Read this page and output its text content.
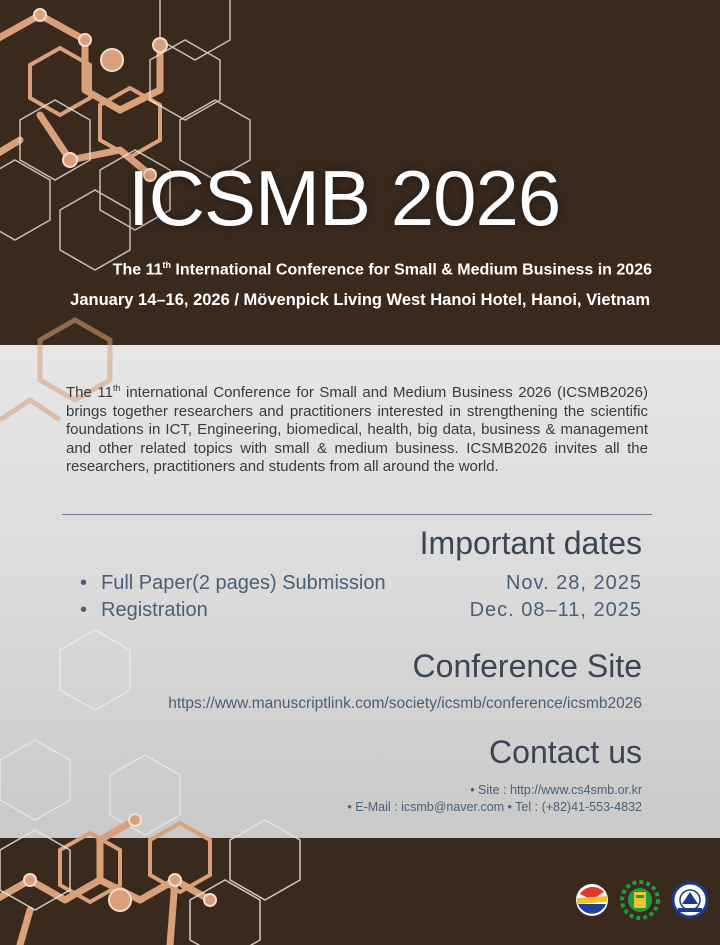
ICSMB 2026
The 11th International Conference for Small & Medium Business in 2026
January 14–16, 2026 / Mövenpick Living West Hanoi Hotel, Hanoi, Vietnam
The 11th international Conference for Small and Medium Business 2026 (ICSMB2026) brings together researchers and practitioners interested in strengthening the scientific foundations in ICT, Engineering, biomedical, health, big data, business & management and other related topics with small & medium business. ICSMB2026 invites all the researchers, practitioners and students from all around the world.
Important dates
• Full Paper(2 pages) Submission	Nov. 28, 2025
• Registration	Dec. 08–11, 2025
Conference Site
https://www.manuscriptlink.com/society/icsmb/conference/icsmb2026
Contact us
• Site : http://www.cs4smb.or.kr
• E-Mail : icsmb@naver.com • Tel : (+82)41-553-4832
